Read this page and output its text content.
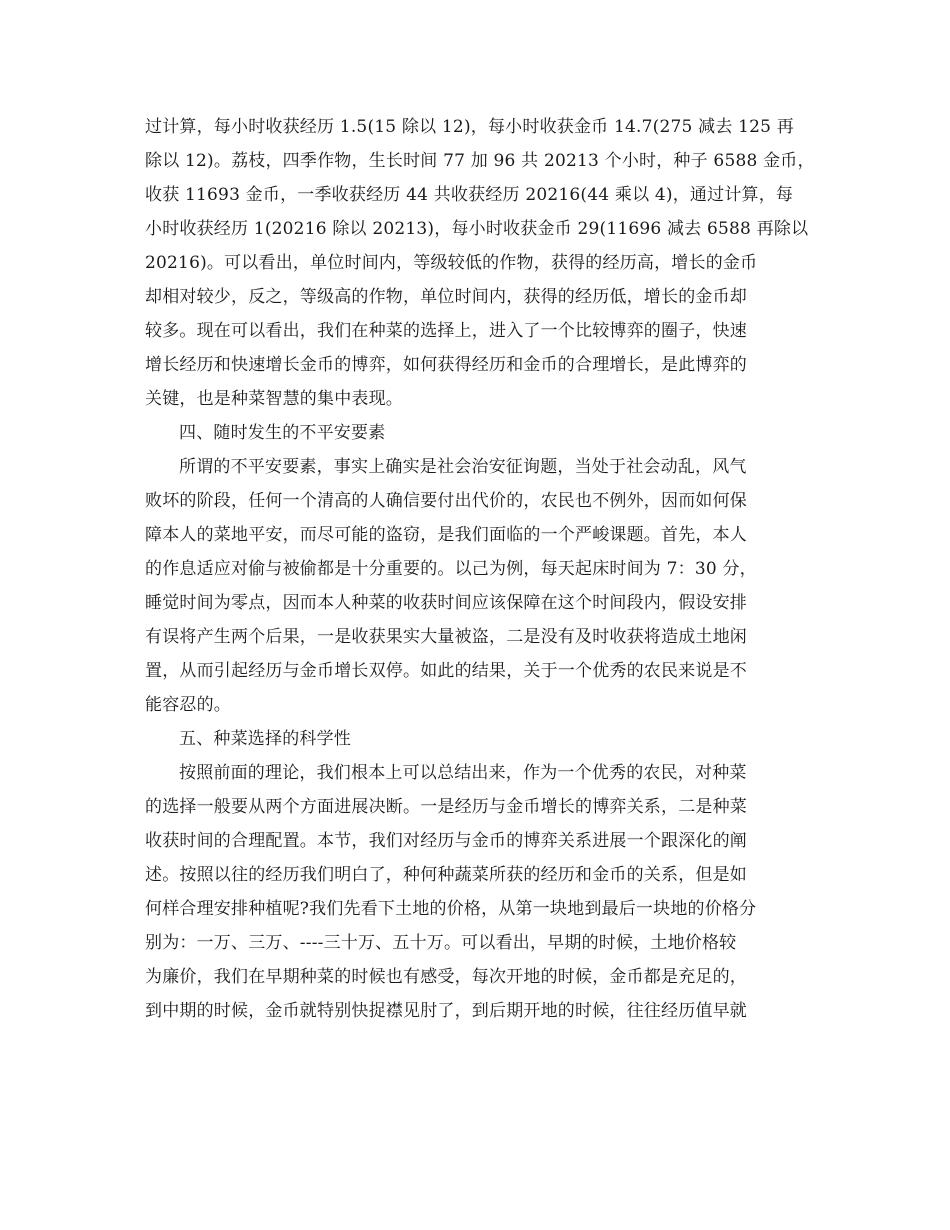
过计算，每小时收获经历 1.5(15 除以 12)，每小时收获金币 14.7(275 减去 125 再
除以 12)。荔枝，四季作物，生长时间 77 加 96 共 20213 个小时，种子 6588 金币，
收获 11693 金币，一季收获经历 44 共收获经历 20216(44 乘以 4)，通过计算，每
小时收获经历 1(20216 除以 20213)，每小时收获金币 29(11696 减去 6588 再除以
20216)。可以看出，单位时间内，等级较低的作物，获得的经历高，增长的金币
却相对较少，反之，等级高的作物，单位时间内，获得的经历低，增长的金币却
较多。现在可以看出，我们在种菜的选择上，进入了一个比较博弈的圈子，快速
增长经历和快速增长金币的博弈，如何获得经历和金币的合理增长，是此博弈的
关键，也是种菜智慧的集中表现。
四、随时发生的不平安要素
所谓的不平安要素，事实上确实是社会治安征询题，当处于社会动乱，风气
败坏的阶段，任何一个清高的人确信要付出代价的，农民也不例外，因而如何保
障本人的菜地平安，而尽可能的盗窃，是我们面临的一个严峻课题。首先，本人
的作息适应对偷与被偷都是十分重要的。以己为例，每天起床时间为 7：30 分，
睡觉时间为零点，因而本人种菜的收获时间应该保障在这个时间段内，假设安排
有误将产生两个后果，一是收获果实大量被盗，二是没有及时收获将造成土地闲
置，从而引起经历与金币增长双停。如此的结果，关于一个优秀的农民来说是不
能容忍的。
五、种菜选择的科学性
按照前面的理论，我们根本上可以总结出来，作为一个优秀的农民，对种菜
的选择一般要从两个方面进展决断。一是经历与金币增长的博弈关系，二是种菜
收获时间的合理配置。本节，我们对经历与金币的博弈关系进展一个跟深化的阐
述。按照以往的经历我们明白了，种何种蔬菜所获的经历和金币的关系，但是如
何样合理安排种植呢?我们先看下土地的价格，从第一块地到最后一块地的价格分
别为：一万、三万、----三十万、五十万。可以看出，早期的时候，土地价格较
为廉价，我们在早期种菜的时候也有感受，每次开地的时候，金币都是充足的，
到中期的时候，金币就特别快捉襟见肘了，到后期开地的时候，往往经历值早就
